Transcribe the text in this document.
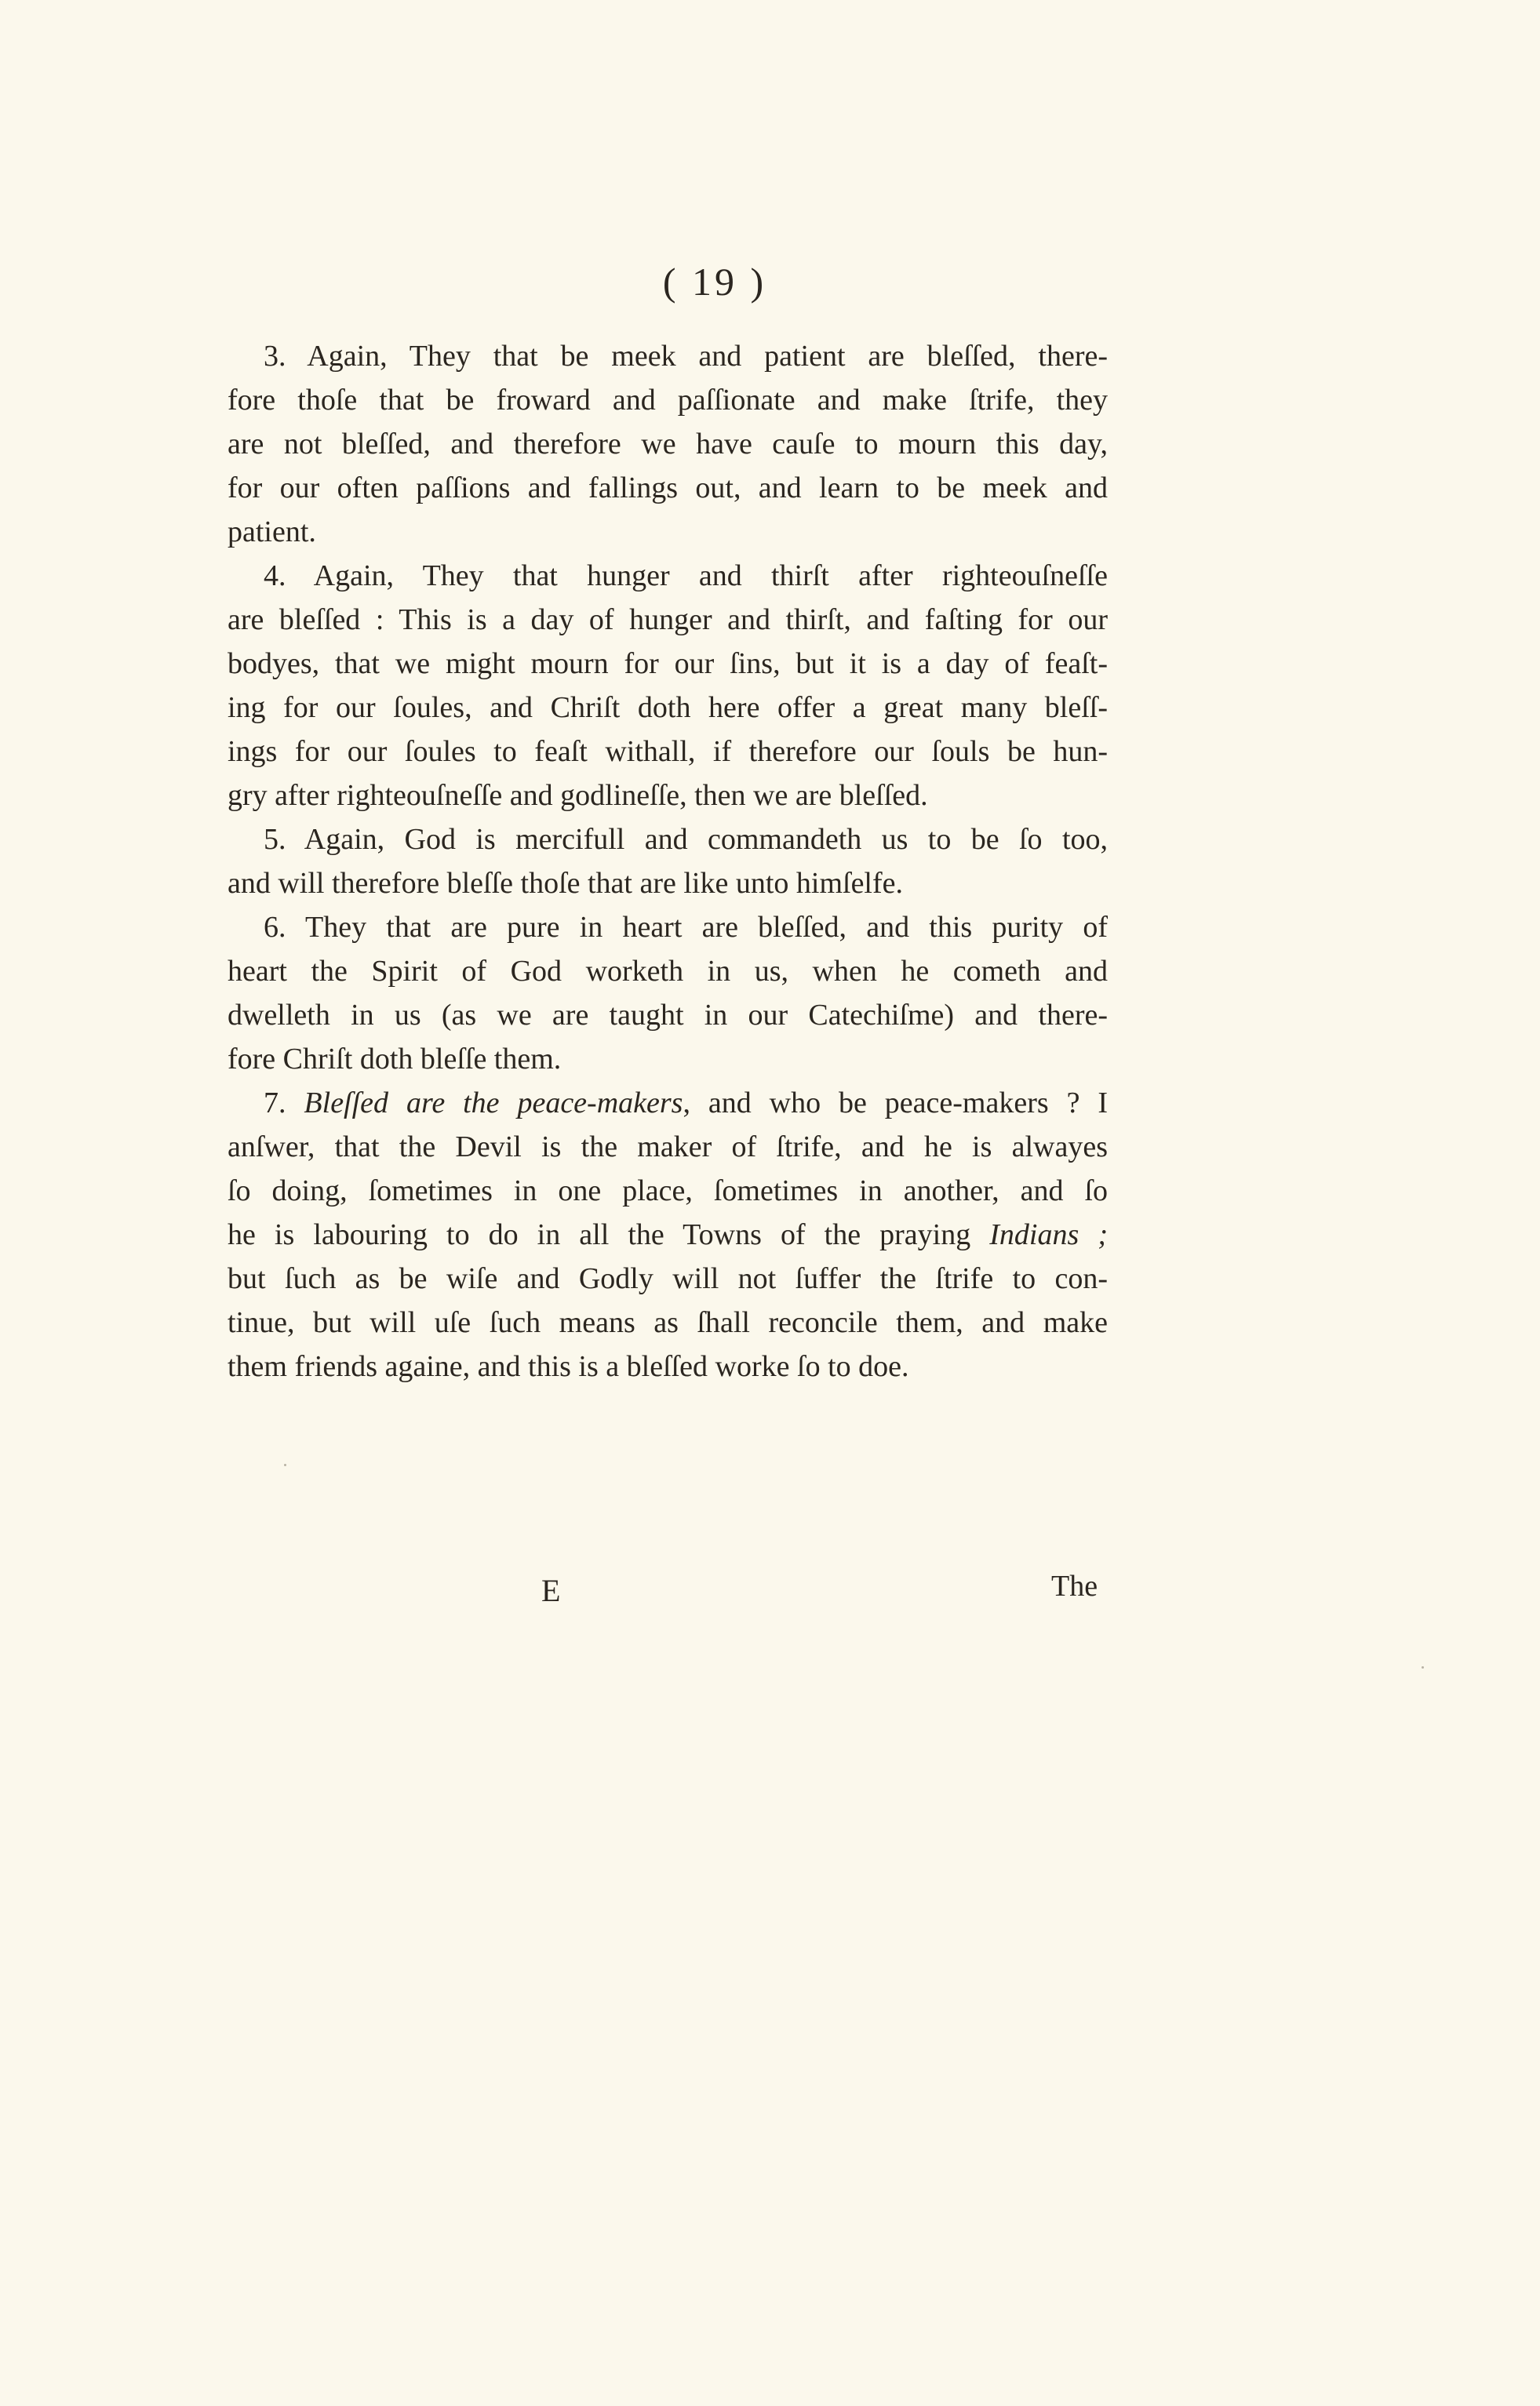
( 19 )
3. Again, They that be meek and patient are bleſſed, there-
fore thoſe that be froward and paſſionate and make ſtrife, they
are not bleſſed, and therefore we have cauſe to mourn this day,
for our often paſſions and fallings out, and learn to be meek and
patient.
4. Again, They that hunger and thirſt after righteouſneſſe
are bleſſed : This is a day of hunger and thirſt, and faſting for our
bodyes, that we might mourn for our ſins, but it is a day of feaſt-
ing for our ſoules, and Chriſt doth here offer a great many bleſſ-
ings for our ſoules to feaſt withall, if therefore our ſouls be hun-
gry after righteouſneſſe and godlineſſe, then we are bleſſed.
5. Again, God is mercifull and commandeth us to be ſo too,
and will therefore bleſſe thoſe that are like unto himſelfe.
6. They that are pure in heart are bleſſed, and this purity of
heart the Spirit of God worketh in us, when he cometh and
dwelleth in us (as we are taught in our Catechiſme) and there-
fore Chriſt doth bleſſe them.
7. Bleſſed are the peace-makers, and who be peace-makers ? I
anſwer, that the Devil is the maker of ſtrife, and he is alwayes
ſo doing, ſometimes in one place, ſometimes in another, and ſo
he is labouring to do in all the Towns of the praying Indians ;
but ſuch as be wiſe and Godly will not ſuffer the ſtrife to con-
tinue, but will uſe ſuch means as ſhall reconcile them, and make
them friends againe, and this is a bleſſed worke ſo to doe.
E	The
